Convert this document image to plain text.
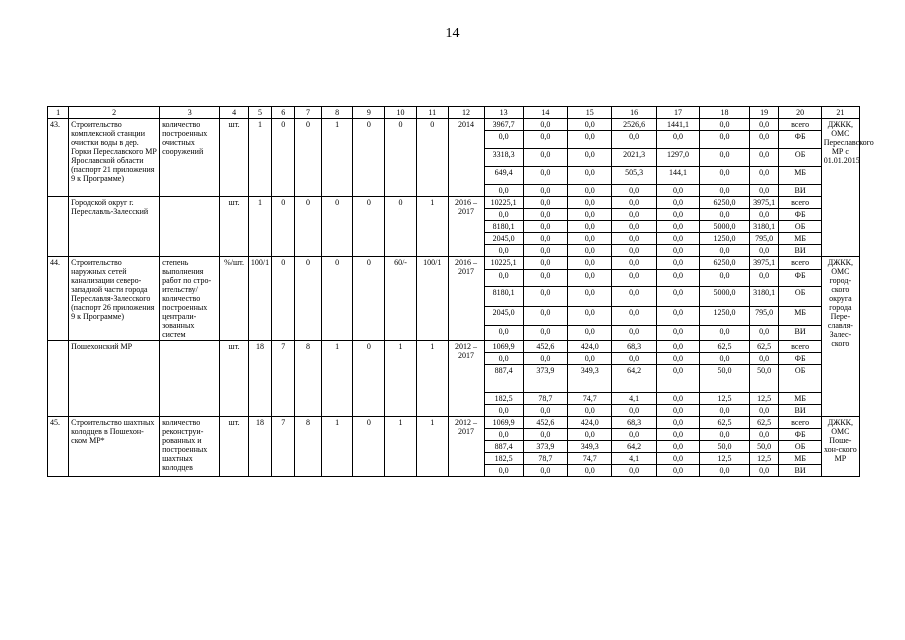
14
1	2	3	4	5	6	7	8	9	10	11	12	13	14	15	16	17	18	19	20	21
43.	Строительство комплексной станции очистки воды в дер. Горки Переславского МР Ярославской области (паспорт 21 приложения 9 к Программе)	количество построенных очистных сооружений	шт.	1	0	0	1	0	0	0	2014	3967,7	0,0	0,0	2526,6	1441,1	0,0	0,0	всего	ДЖКК, ОМС Переславского МР с 01.01.2015
												0,0	0,0	0,0	0,0	0,0	0,0	0,0	ФБ	
												3318,3	0,0	0,0	2021,3	1297,0	0,0	0,0	ОБ	
												649,4	0,0	0,0	505,3	144,1	0,0	0,0	МБ	
												0,0	0,0	0,0	0,0	0,0	0,0	0,0	ВИ	
	Городской округ г. Переславль-Залесский		шт.	1	0	0	0	0	0	1	2016 – 2017	10225,1	0,0	0,0	0,0	0,0	6250,0	3975,1	всего	
												0,0	0,0	0,0	0,0	0,0	0,0	0,0	ФБ	
												8180,1	0,0	0,0	0,0	0,0	5000,0	3180,1	ОБ	
												2045,0	0,0	0,0	0,0	0,0	1250,0	795,0	МБ	
												0,0	0,0	0,0	0,0	0,0	0,0	0,0	ВИ	
44.	Строительство наружных сетей канализации северо-западной части города Переславля-Залесского (паспорт 26 приложения 9 к Программе)	степень выполнения работ по стро-ительству/ количество построенных централи-зованных систем	%/шт.	100/1	0	0	0	0	60/-	100/1	2016 – 2017	10225,1	0,0	0,0	0,0	0,0	6250,0	3975,1	всего	ДЖКК, ОМС город-ского округа города Пере-славля-Залес-ского
												0,0	0,0	0,0	0,0	0,0	0,0	0,0	ФБ	
												8180,1	0,0	0,0	0,0	0,0	5000,0	3180,1	ОБ	
												2045,0	0,0	0,0	0,0	0,0	1250,0	795,0	МБ	
												0,0	0,0	0,0	0,0	0,0	0,0	0,0	ВИ	
	Пошехонский МР		шт.	18	7	8	1	0	1	1	2012 – 2017	1069,9	452,6	424,0	68,3	0,0	62,5	62,5	всего	
												0,0	0,0	0,0	0,0	0,0	0,0	0,0	ФБ	
												887,4	373,9	349,3	64,2	0,0	50,0	50,0	ОБ	
												182,5	78,7	74,7	4,1	0,0	12,5	12,5	МБ	
												0,0	0,0	0,0	0,0	0,0	0,0	0,0	ВИ	
45.	Строительство шахтных колодцев в Пошехон-ском МР*	количество реконструи-рованных и построенных шахтных колодцев	шт.	18	7	8	1	0	1	1	2012 – 2017	1069,9	452,6	424,0	68,3	0,0	62,5	62,5	всего	ДЖКК, ОМС Поше-хон-ского МР
												0,0	0,0	0,0	0,0	0,0	0,0	0,0	ФБ	
												887,4	373,9	349,3	64,2	0,0	50,0	50,0	ОБ	
												182,5	78,7	74,7	4,1	0,0	12,5	12,5	МБ	
												0,0	0,0	0,0	0,0	0,0	0,0	0,0	ВИ	
